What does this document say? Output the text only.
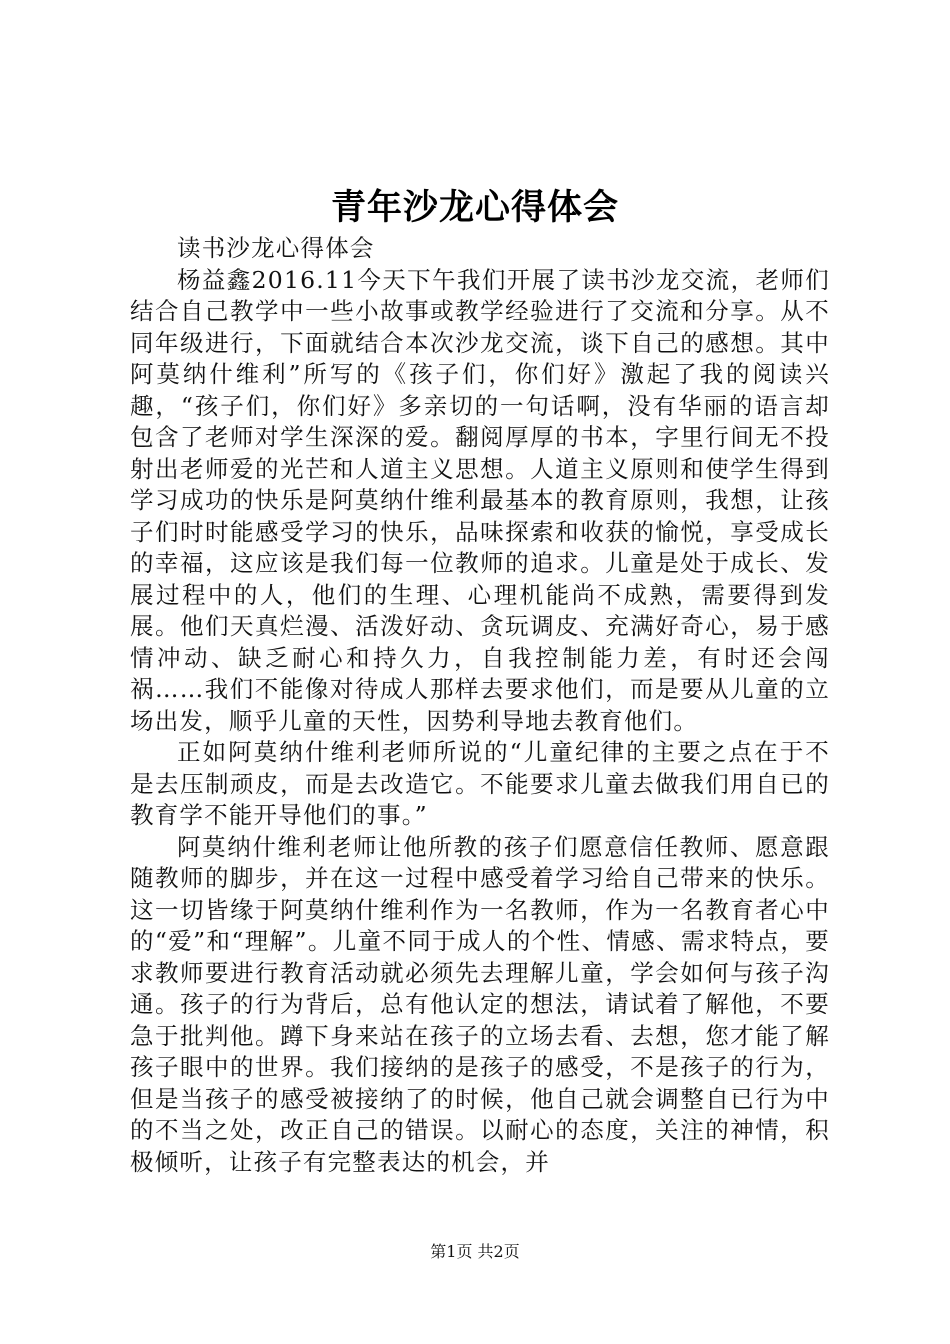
青年沙龙心得体会

读书沙龙心得体会

杨益鑫2016.11今天下午我们开展了读书沙龙交流，老师们结合自己教学中一些小故事或教学经验进行了交流和分享。从不同年级进行，下面就结合本次沙龙交流，谈下自己的感想。其中阿莫纳什维利”所写的《孩子们，你们好》激起了我的阅读兴趣，“孩子们，你们好》多亲切的一句话啊，没有华丽的语言却包含了老师对学生深深的爱。翻阅厚厚的书本，字里行间无不投射出老师爱的光芒和人道主义思想。人道主义原则和使学生得到学习成功的快乐是阿莫纳什维利最基本的教育原则，我想，让孩子们时时能感受学习的快乐，品味探索和收获的愉悦，享受成长的幸福，这应该是我们每一位教师的追求。儿童是处于成长、发展过程中的人，他们的生理、心理机能尚不成熟，需要得到发展。他们天真烂漫、活泼好动、贪玩调皮、充满好奇心，易于感情冲动、缺乏耐心和持久力，自我控制能力差，有时还会闯祸……我们不能像对待成人那样去要求他们，而是要从儿童的立场出发，顺乎儿童的天性，因势利导地去教育他们。

正如阿莫纳什维利老师所说的“儿童纪律的主要之点在于不是去压制顽皮，而是去改造它。不能要求儿童去做我们用自已的教育学不能开导他们的事。”

阿莫纳什维利老师让他所教的孩子们愿意信任教师、愿意跟随教师的脚步，并在这一过程中感受着学习给自己带来的快乐。这一切皆缘于阿莫纳什维利作为一名教师，作为一名教育者心中的“爱”和“理解”。儿童不同于成人的个性、情感、需求特点，要求教师要进行教育活动就必须先去理解儿童，学会如何与孩子沟通。孩子的行为背后，总有他认定的想法，请试着了解他，不要急于批判他。蹲下身来站在孩子的立场去看、去想，您才能了解孩子眼中的世界。我们接纳的是孩子的感受，不是孩子的行为，但是当孩子的感受被接纳了的时候，他自己就会调整自已行为中的不当之处，改正自己的错误。以耐心的态度，关注的神情，积极倾听，让孩子有完整表达的机会，并

第1页 共2页
